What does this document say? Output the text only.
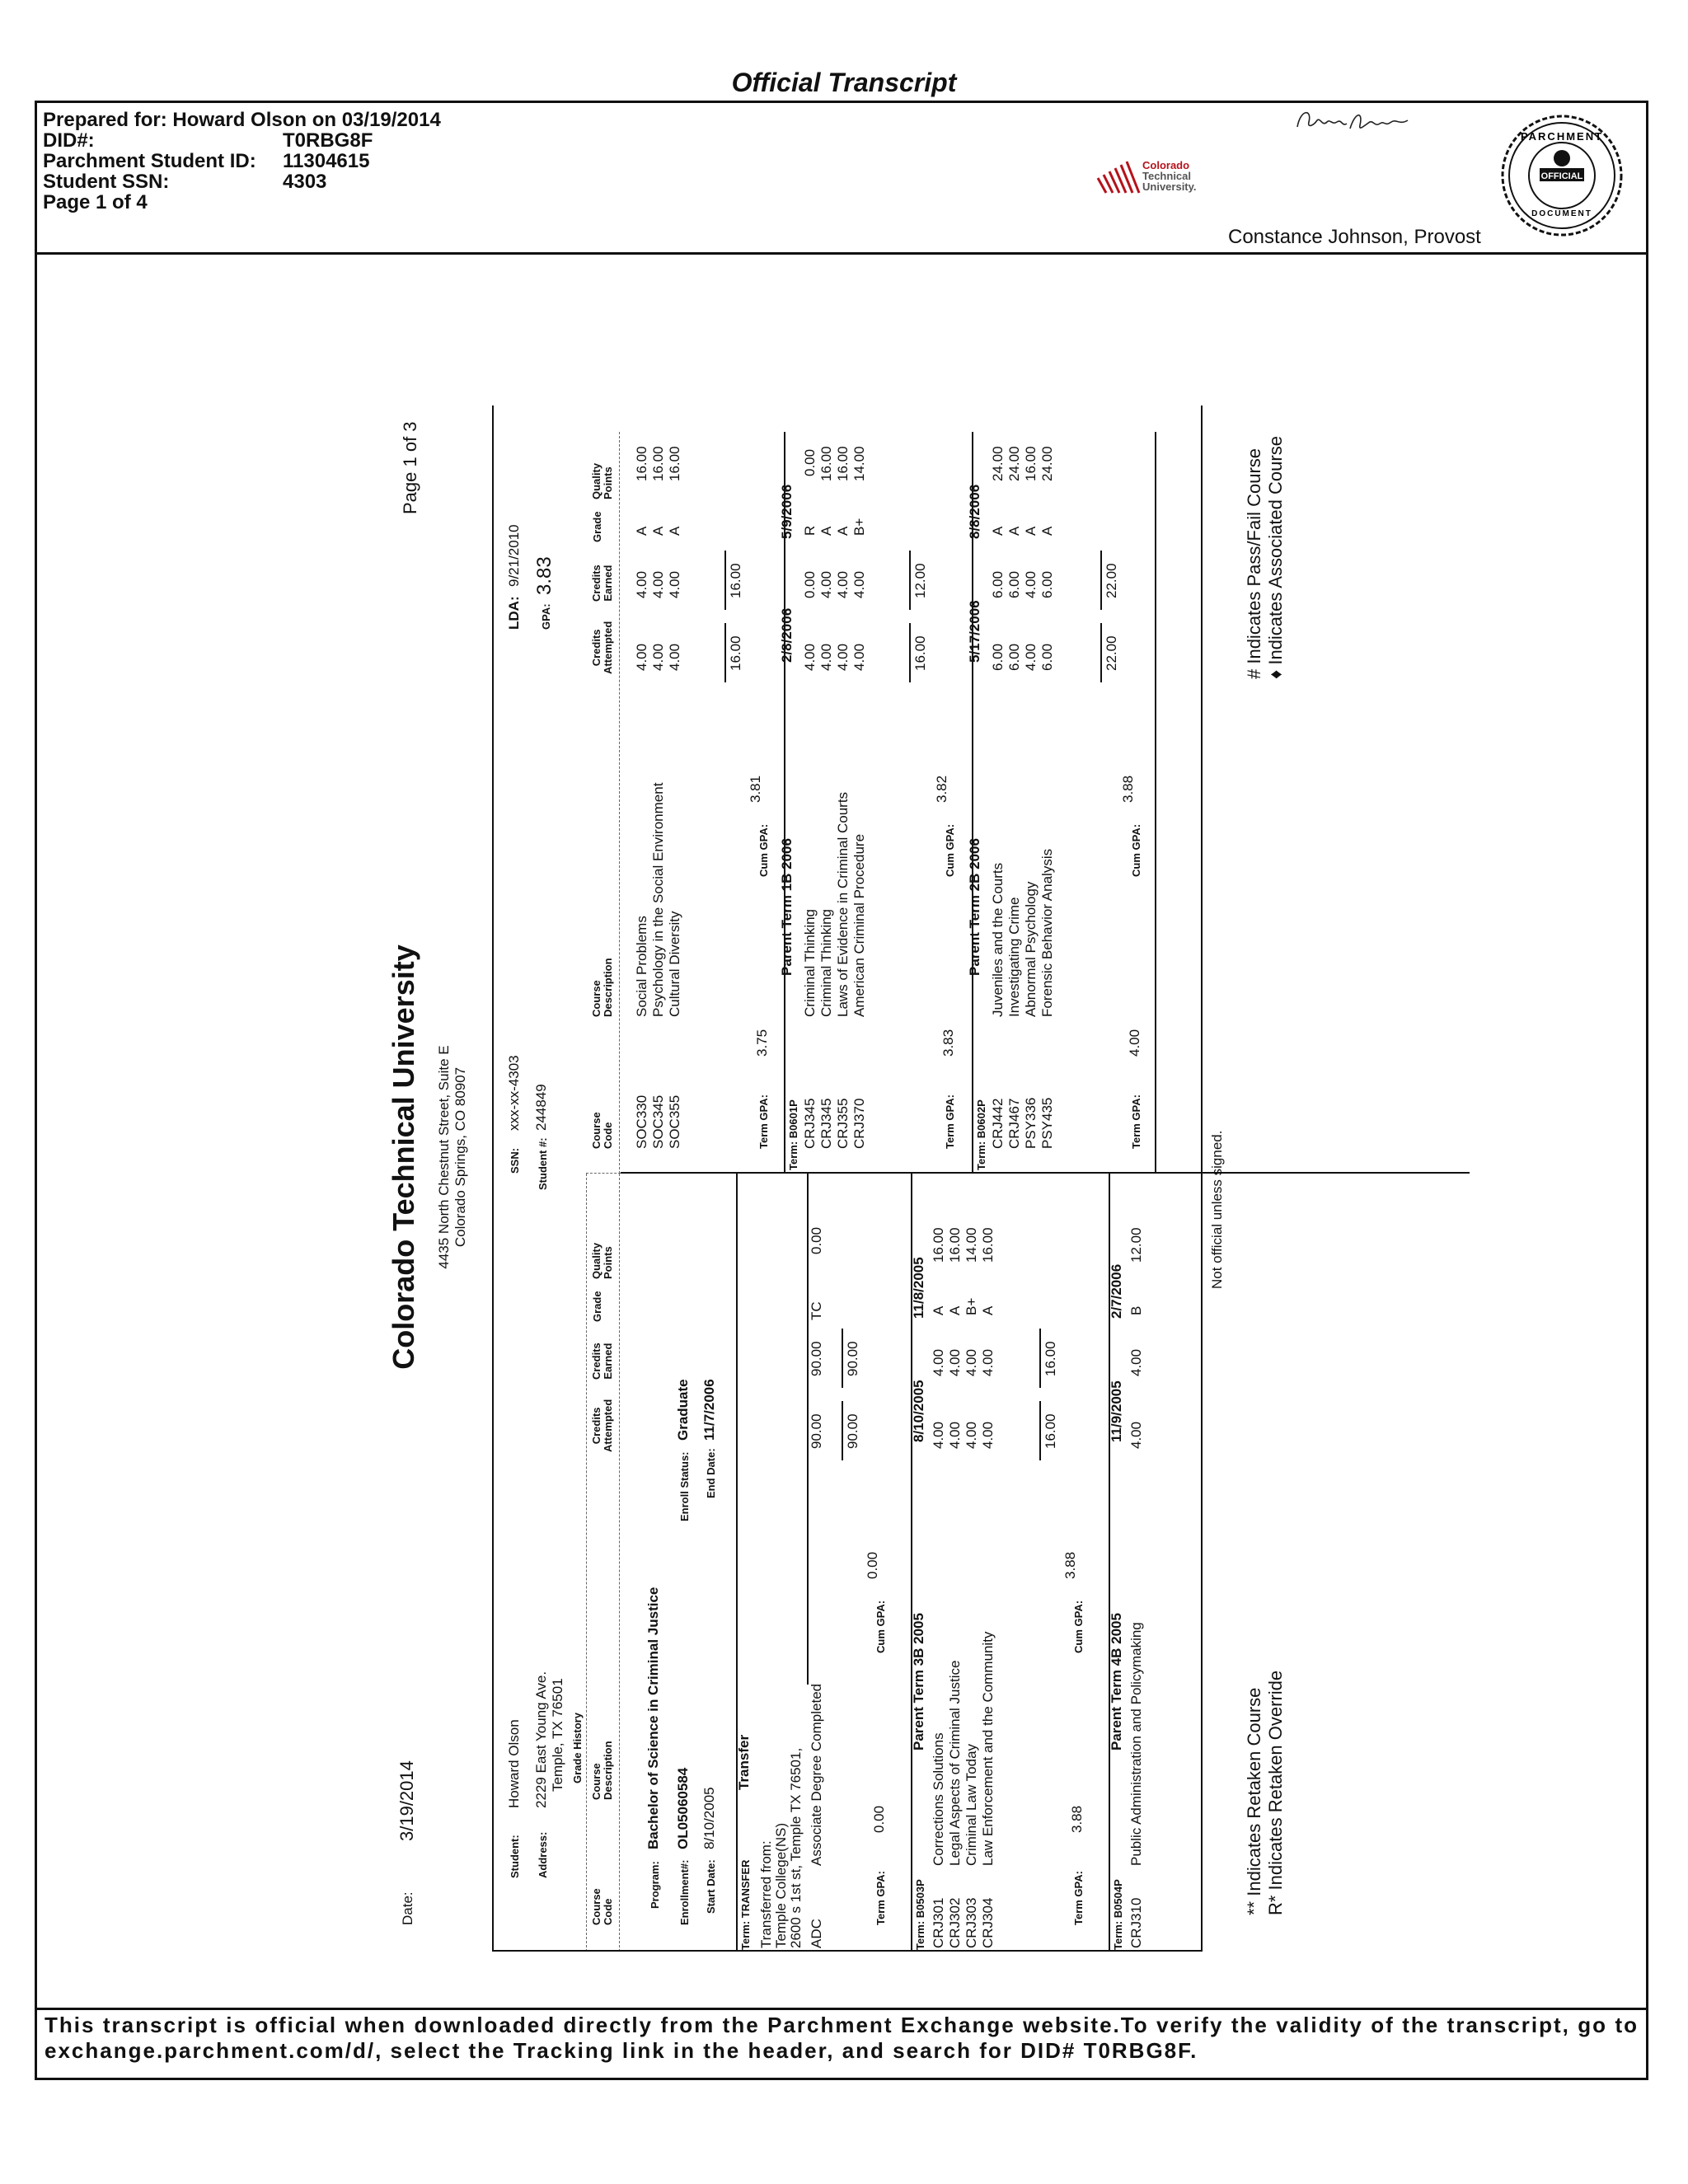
Official Transcript
Prepared for: Howard Olson on 03/19/2014
DID#:	T0RBG8F
Parchment Student ID: 11304615
Student SSN:	4303
Page 1 of 4
Colorado
Technical
University.
Constance Johnson, Provost
PARCHMENT
OFFICIAL
DOCUMENT
Date:
3/19/2014
Colorado Technical University 4435 North Chestnut Street, Suite E Colorado Springs, CO 80907
Page 1 of 3
Student:
Howard Olson
SSN:
xxx-xx-4303
LDA:
9/21/2010
Address:
2229 East Young Ave. Temple, TX 76501
Student #:
244849
GPA:
3.83
Grade History
Course Code
Course Description
Credits Attempted
Credits Earned
Grade
Quality Points
Course Code
Course Description
Credits Attempted
Credits Earned
Grade
Quality Points
Program:
Bachelor of Science in Criminal Justice
Enrollment#:
OL05060584
Enroll Status:
Graduate
Start Date:
8/10/2005
End Date:
11/7/2006
Term: TRANSFER
Transfer
Transferred from: Temple College(NS) 2600 s 1st st, Temple TX 76501, ADC
Associate Degree Completed
90.00
90.00
TC
0.00
90.00
90.00
Term GPA:
0.00
Cum GPA:
0.00
Term: B0503P
Parent Term 3B 2005
8/10/2005
11/8/2005
CRJ301
Corrections Solutions
4.00
4.00
A
16.00
CRJ302
Legal Aspects of Criminal Justice
4.00
4.00
A
16.00
CRJ303
Criminal Law Today
4.00
4.00
B+
14.00
CRJ304
Law Enforcement and the Community
4.00
4.00
A
16.00
16.00
16.00
Term GPA:
3.88
Cum GPA:
3.88
Term: B0504P
Parent Term 4B 2005
11/9/2005
2/7/2006
CRJ310
Public Administration and Policymaking
4.00
4.00
B
12.00
SOC330
Social Problems
4.00
4.00
A
16.00
SOC345
Psychology in the Social Environment
4.00
4.00
A
16.00
SOC355
Cultural Diversity
4.00
4.00
A
16.00
16.00
16.00
Term GPA:
3.75
Cum GPA:
3.81
Term: B0601P
Parent Term 1B 2006
2/8/2006
5/9/2006
CRJ345
Criminal Thinking
4.00
0.00
R
0.00
CRJ345
Criminal Thinking
4.00
4.00
A
16.00
CRJ355
Laws of Evidence in Criminal Courts
4.00
4.00
A
16.00
CRJ370
American Criminal Procedure
4.00
4.00
B+
14.00
16.00
12.00
Term GPA:
3.83
Cum GPA:
3.82
Term: B0602P
Parent Term 2B 2006
5/17/2006
8/8/2006
CRJ442
Juveniles and the Courts
6.00
6.00
A
24.00
CRJ467
Investigating Crime
6.00
6.00
A
24.00
PSY336
Abnormal Psychology
4.00
4.00
A
16.00
PSY435
Forensic Behavior Analysis
6.00
6.00
A
24.00
22.00
22.00
Term GPA:
4.00
Cum GPA:
3.88
Not official unless signed.
** Indicates Retaken Course R* Indicates Retaken Override
# Indicates Pass/Fail Course ♦ Indicates Associated Course
This transcript is official when downloaded directly from the Parchment Exchange website.To verify the validity of the transcript, go to exchange.parchment.com/d/, select the Tracking link in the header, and search for DID# T0RBG8F.
